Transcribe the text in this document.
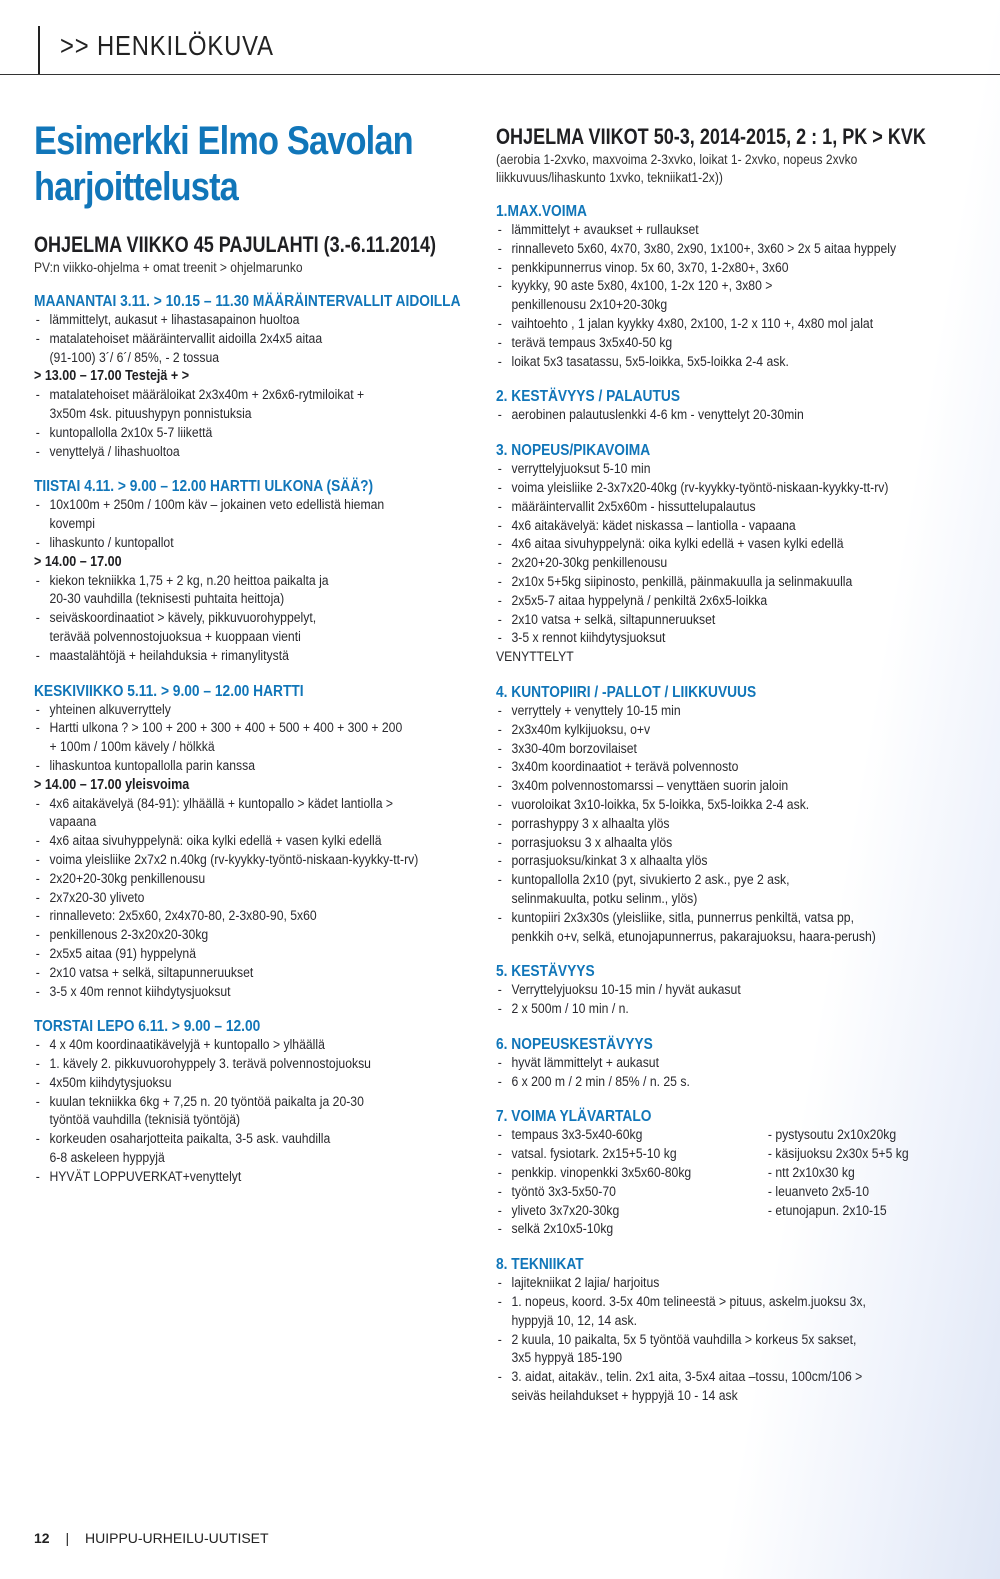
>> HENKILÖKUVA
Esimerkki Elmo Savolan harjoittelusta
OHJELMA VIIKKO 45 PAJULAHTI (3.-6.11.2014)
PV:n viikko-ohjelma + omat treenit > ohjelmarunko
MAANANTAI 3.11. > 10.15 – 11.30 MÄÄRÄINTERVALLIT AIDOILLA
- lämmittelyt, aukasut + lihastasapainon huoltoa
- matalatehoiset määräintervallit aidoilla 2x4x5 aitaa
(91-100) 3´/ 6´/ 85%, - 2 tossua
> 13.00 – 17.00 Testejä + >
- matalatehoiset määräloikat 2x3x40m + 2x6x6-rytmiloikat +
3x50m 4sk. pituushypyn ponnistuksia
- kuntopallolla 2x10x 5-7 liikettä
- venyttelyä / lihashuoltoa
TIISTAI 4.11. > 9.00 – 12.00 HARTTI ULKONA (SÄÄ?)
- 10x100m + 250m / 100m käv – jokainen veto edellistä hieman
kovempi
- lihaskunto / kuntopallot
> 14.00 – 17.00
- kiekon tekniikka 1,75 + 2 kg, n.20 heittoa paikalta ja
20-30 vauhdilla (teknisesti puhtaita heittoja)
- seiväskoordinaatiot > kävely, pikkuvuorohyppelyt,
terävää polvennostojuoksua + kuoppaan vienti
- maastalähtöjä + heilahduksia + rimanylitystä
KESKIVIIKKO 5.11. > 9.00 – 12.00 HARTTI
- yhteinen alkuverryttely
- Hartti ulkona ? > 100 + 200 + 300 + 400 + 500 + 400 + 300 + 200
+ 100m / 100m kävely / hölkkä
- lihaskuntoa kuntopallolla parin kanssa
> 14.00 – 17.00 yleisvoima
- 4x6 aitakävelyä (84-91): ylhäällä + kuntopallo > kädet lantiolla >
vapaana
- 4x6 aitaa sivuhyppelynä: oika kylki edellä + vasen kylki edellä
- voima yleisliike 2x7x2 n.40kg (rv-kyykky-työntö-niskaan-kyykky-tt-rv)
- 2x20+20-30kg penkillenousu
- 2x7x20-30 yliveto
- rinnalleveto: 2x5x60, 2x4x70-80, 2-3x80-90, 5x60
- penkillenous 2-3x20x20-30kg
- 2x5x5 aitaa (91) hyppelynä
- 2x10 vatsa + selkä, siltapunneruukset
- 3-5 x 40m rennot kiihdytysjuoksut
TORSTAI LEPO 6.11. > 9.00 – 12.00
- 4 x 40m koordinaatikävelyjä + kuntopallo > ylhäällä
- 1. kävely 2. pikkuvuorohyppely 3. terävä polvennostojuoksu
- 4x50m kiihdytysjuoksu
- kuulan tekniikka 6kg + 7,25 n. 20 työntöä paikalta ja 20-30
työntöä vauhdilla (teknisiä työntöjä)
- korkeuden osaharjotteita paikalta, 3-5 ask. vauhdilla
6-8 askeleen hyppyjä
- HYVÄT LOPPUVERKAT+venyttelyt
OHJELMA VIIKOT 50-3, 2014-2015, 2 : 1, PK > KVK
(aerobia 1-2xvko, maxvoima 2-3xvko, loikat 1- 2xvko, nopeus 2xvko liikkuvuus/lihaskunto 1xvko, tekniikat1-2x))
1.MAX.VOIMA
- lämmittelyt + avaukset + rullaukset
- rinnalleveto 5x60, 4x70, 3x80, 2x90, 1x100+, 3x60 > 2x 5 aitaa hyppely
- penkkipunnerrus vinop. 5x 60, 3x70, 1-2x80+, 3x60
- kyykky, 90 aste 5x80, 4x100, 1-2x 120 +, 3x80 >
penkillenousu 2x10+20-30kg
- vaihtoehto , 1 jalan kyykky 4x80, 2x100, 1-2 x 110 +, 4x80 mol jalat
- terävä tempaus 3x5x40-50 kg
- loikat 5x3 tasatassu, 5x5-loikka, 5x5-loikka 2-4 ask.
2. KESTÄVYYS / PALAUTUS
- aerobinen palautuslenkki 4-6 km - venyttelyt 20-30min
3. NOPEUS/PIKAVOIMA
- verryttelyjuoksut 5-10 min
- voima yleisliike 2-3x7x20-40kg (rv-kyykky-työntö-niskaan-kyykky-tt-rv)
- määräintervallit 2x5x60m - hissuttelupalautus
- 4x6 aitakävelyä: kädet niskassa – lantiolla - vapaana
- 4x6 aitaa sivuhyppelynä: oika kylki edellä + vasen kylki edellä
- 2x20+20-30kg penkillenousu
- 2x10x 5+5kg siipinosto, penkillä, päinmakuulla ja selinmakuulla
- 2x5x5-7 aitaa hyppelynä / penkiltä 2x6x5-loikka
- 2x10 vatsa + selkä, siltapunneruukset
- 3-5 x rennot kiihdytysjuoksut
VENYTTELYT
4. KUNTOPIIRI / -PALLOT / LIIKKUVUUS
- verryttely + venyttely 10-15 min
- 2x3x40m kylkijuoksu, o+v
- 3x30-40m borzovilaiset
- 3x40m koordinaatiot + terävä polvennosto
- 3x40m polvennostomarssi – venyttäen suorin jaloin
- vuoroloikat 3x10-loikka, 5x 5-loikka, 5x5-loikka 2-4 ask.
- porrashyppy 3 x alhaalta ylös
- porrasjuoksu 3 x alhaalta ylös
- porrasjuoksu/kinkat 3 x alhaalta ylös
- kuntopallolla 2x10 (pyt, sivukierto 2 ask., pye 2 ask,
selinmakuulta, potku selinm., ylös)
- kuntopiiri 2x3x30s (yleisliike, sitla, punnerrus penkiltä, vatsa pp,
penkkih o+v, selkä, etunojapunnerrus, pakarajuoksu, haara-perush)
5. KESTÄVYYS
- Verryttelyjuoksu 10-15 min / hyvät aukasut
- 2 x 500m / 10 min / n.
6. NOPEUSKESTÄVYYS
- hyvät lämmittelyt + aukasut
- 6 x 200 m / 2 min / 85% / n. 25 s.
7. VOIMA YLÄVARTALO
- tempaus 3x3-5x40-60kg	- pystysoutu 2x10x20kg
- vatsal. fysiotark. 2x15+5-10 kg	- käsijuoksu 2x30x 5+5 kg
- penkkip. vinopenkki 3x5x60-80kg	- ntt 2x10x30 kg
- työntö 3x3-5x50-70	- leuanveto 2x5-10
- yliveto 3x7x20-30kg	- etunojapun. 2x10-15
- selkä 2x10x5-10kg
8. TEKNIIKAT
- lajitekniikat 2 lajia/ harjoitus
- 1. nopeus, koord. 3-5x 40m telineestä > pituus, askelm.juoksu 3x,
hyppyjä 10, 12, 14 ask.
- 2 kuula, 10 paikalta, 5x 5 työntöä vauhdilla > korkeus 5x sakset,
3x5 hyppyä 185-190
- 3. aidat, aitakäv., telin. 2x1 aita, 3-5x4 aitaa –tossu, 100cm/106 >
seiväs heilahdukset + hyppyjä 10 - 14 ask
12 | HUIPPU-URHEILU-UUTISET
